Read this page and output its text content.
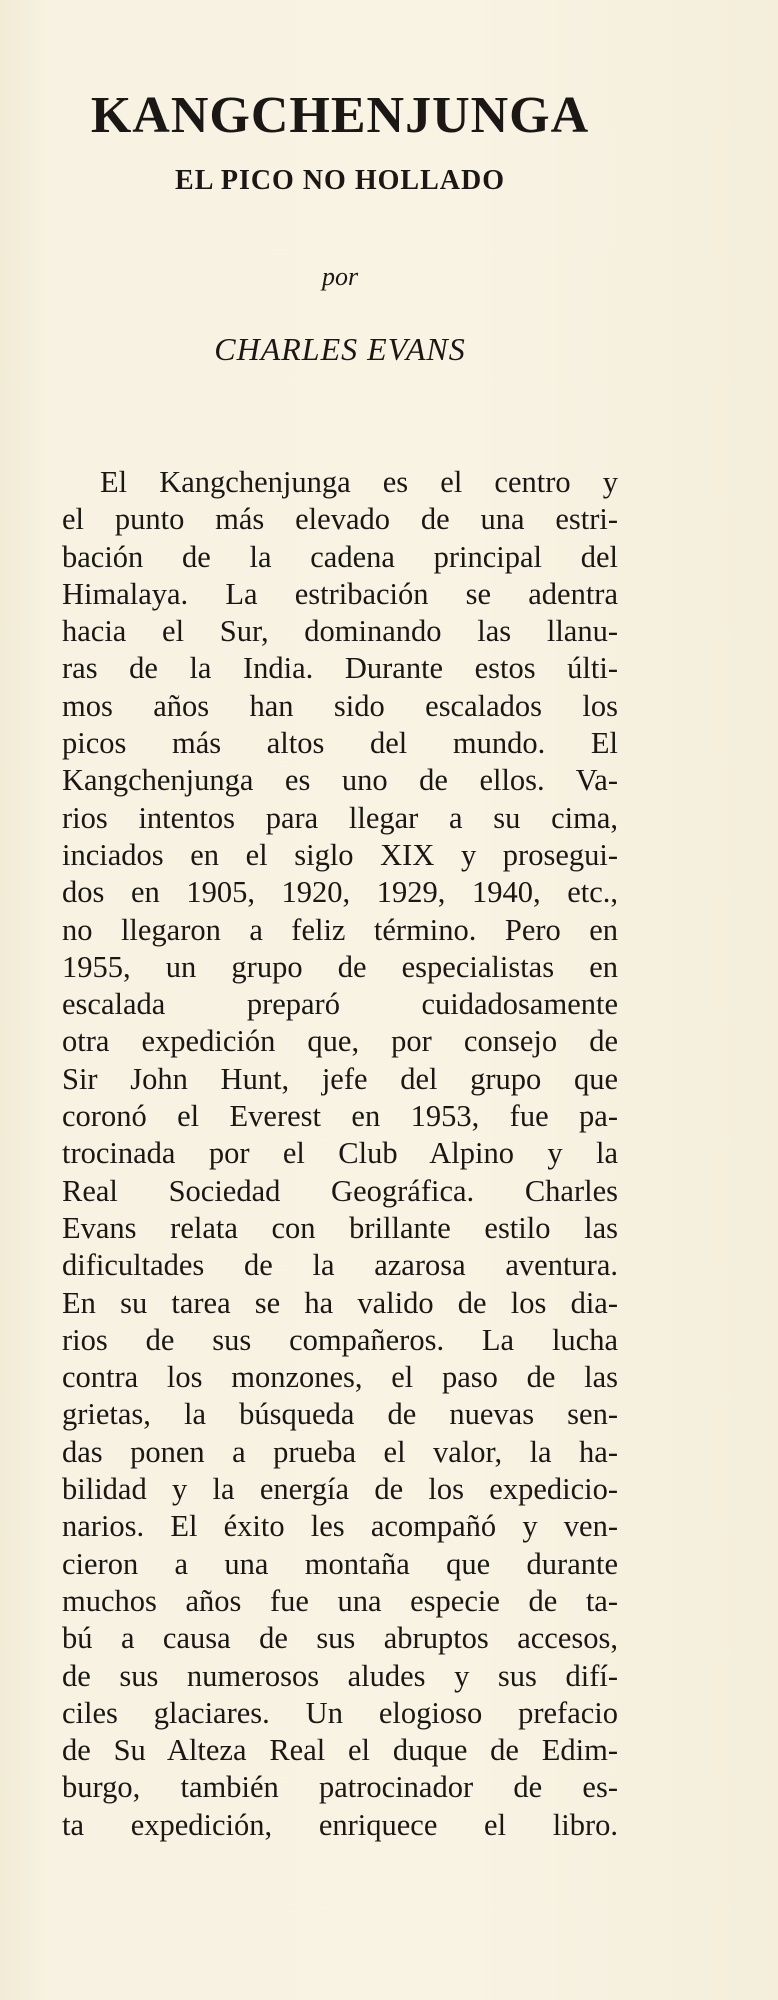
KANGCHENJUNGA
EL PICO NO HOLLADO
por
CHARLES EVANS
El Kangchenjunga es el centro y
el punto más elevado de una estri-
bación de la cadena principal del
Himalaya. La estribación se adentra
hacia el Sur, dominando las llanu-
ras de la India. Durante estos últi-
mos años han sido escalados los
picos más altos del mundo. El
Kangchenjunga es uno de ellos. Va-
rios intentos para llegar a su cima,
inciados en el siglo XIX y prosegui-
dos en 1905, 1920, 1929, 1940, etc.,
no llegaron a feliz término. Pero en
1955, un grupo de especialistas en
escalada preparó cuidadosamente
otra expedición que, por consejo de
Sir John Hunt, jefe del grupo que
coronó el Everest en 1953, fue pa-
trocinada por el Club Alpino y la
Real Sociedad Geográfica. Charles
Evans relata con brillante estilo las
dificultades de la azarosa aventura.
En su tarea se ha valido de los dia-
rios de sus compañeros. La lucha
contra los monzones, el paso de las
grietas, la búsqueda de nuevas sen-
das ponen a prueba el valor, la ha-
bilidad y la energía de los expedicio-
narios. El éxito les acompañó y ven-
cieron a una montaña que durante
muchos años fue una especie de ta-
bú a causa de sus abruptos accesos,
de sus numerosos aludes y sus difí-
ciles glaciares. Un elogioso prefacio
de Su Alteza Real el duque de Edim-
burgo, también patrocinador de es-
ta expedición, enriquece el libro.
